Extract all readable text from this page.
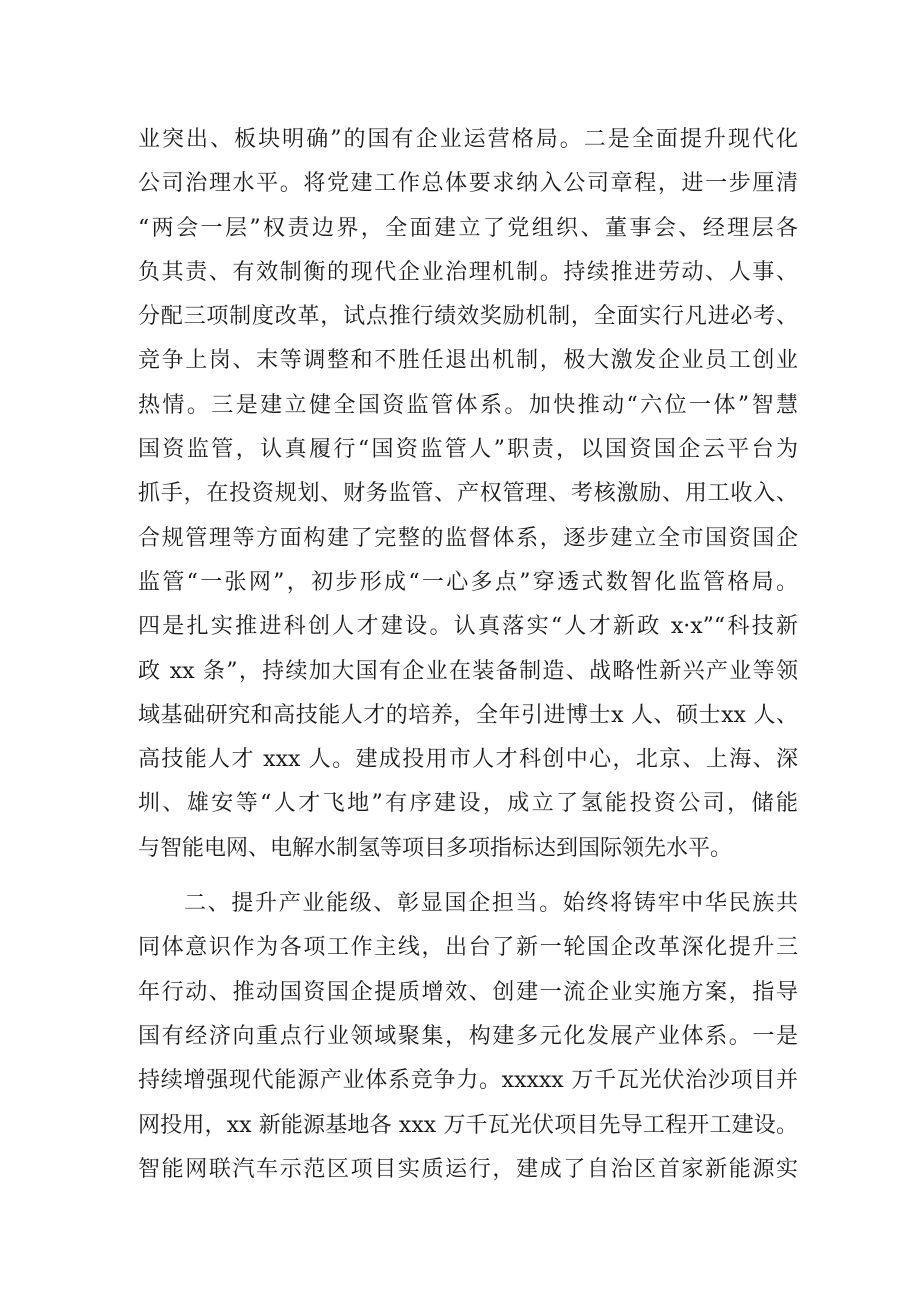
业突出、板块明确”的国有企业运营格局。二是全面提升现代化
公司治理水平。将党建工作总体要求纳入公司章程，进一步厘清
“两会一层”权责边界，全面建立了党组织、董事会、经理层各
负其责、有效制衡的现代企业治理机制。持续推进劳动、人事、
分配三项制度改革，试点推行绩效奖励机制，全面实行凡进必考、
竞争上岗、末等调整和不胜任退出机制，极大激发企业员工创业
热情。三是建立健全国资监管体系。加快推动“六位一体”智慧
国资监管，认真履行“国资监管人”职责，以国资国企云平台为
抓手，在投资规划、财务监管、产权管理、考核激励、用工收入、
合规管理等方面构建了完整的监督体系，逐步建立全市国资国企
监管“一张网”，初步形成“一心多点”穿透式数智化监管格局。
四是扎实推进科创人才建设。认真落实“人才新政 x·x”“科技新
政 xx 条”，持续加大国有企业在装备制造、战略性新兴产业等领
域基础研究和高技能人才的培养，全年引进博士x 人、硕士xx 人、
高技能人才 xxx 人。建成投用市人才科创中心，北京、上海、深
圳、雄安等“人才飞地”有序建设，成立了氢能投资公司，储能
与智能电网、电解水制氢等项目多项指标达到国际领先水平。
二、提升产业能级、彰显国企担当。始终将铸牢中华民族共
同体意识作为各项工作主线，出台了新一轮国企改革深化提升三
年行动、推动国资国企提质增效、创建一流企业实施方案，指导
国有经济向重点行业领域聚集，构建多元化发展产业体系。一是
持续增强现代能源产业体系竞争力。xxxxx 万千瓦光伏治沙项目并
网投用，xx 新能源基地各 xxx 万千瓦光伏项目先导工程开工建设。
智能网联汽车示范区项目实质运行，建成了自治区首家新能源实
